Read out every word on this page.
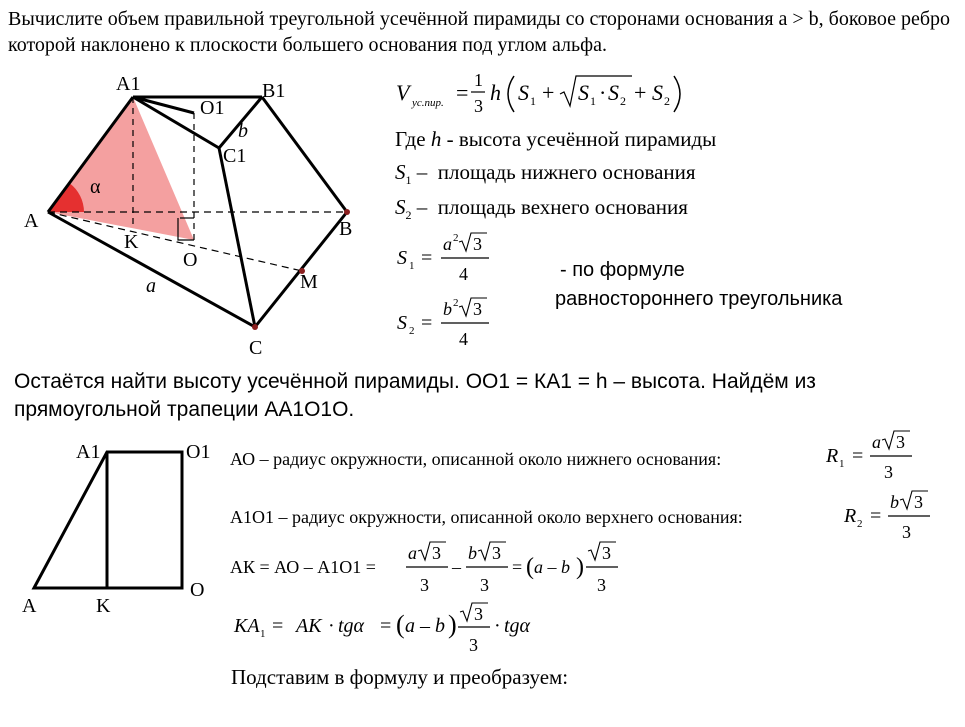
Вычислите объем правильной треугольной усечённой пирамиды со сторонами основания a > b, боковое ребро которой наклонено к плоскости большего основания под углом альфа.
A1	B1
O1
b
C1
α
A	B
K
O
M
a
C
V ус.пир. = 1
3
h S 1 + S 1 · S 2 + S 2
Где h - высота усечённой пирамиды
$S_1$ – площадь нижнего основания
$S_2$ – площадь вехнего основания
S 1 =
a 2 3
4
S 2 =
b 2 3
4
- по формуле
равностороннего треугольника
Остаётся найти высоту усечённой пирамиды. ОО1 = КА1 = h – высота. Найдём из
прямоугольной трапеции АА1О1О.
A1	O1
O
A	K
АО – радиус окружности, описанной около нижнего основания:	R 1 =
a 3
3
А1О1 – радиус окружности, описанной около верхнего основания:	R 2 =
b 3
3
АК = АО – А1О1 =
a 3
3
–
b 3
3
= ( a – b )
3
3
KA 1 = AK · tgα = ( a – b ) 3
3
· tgα
Подставим в формулу и преобразуем:
